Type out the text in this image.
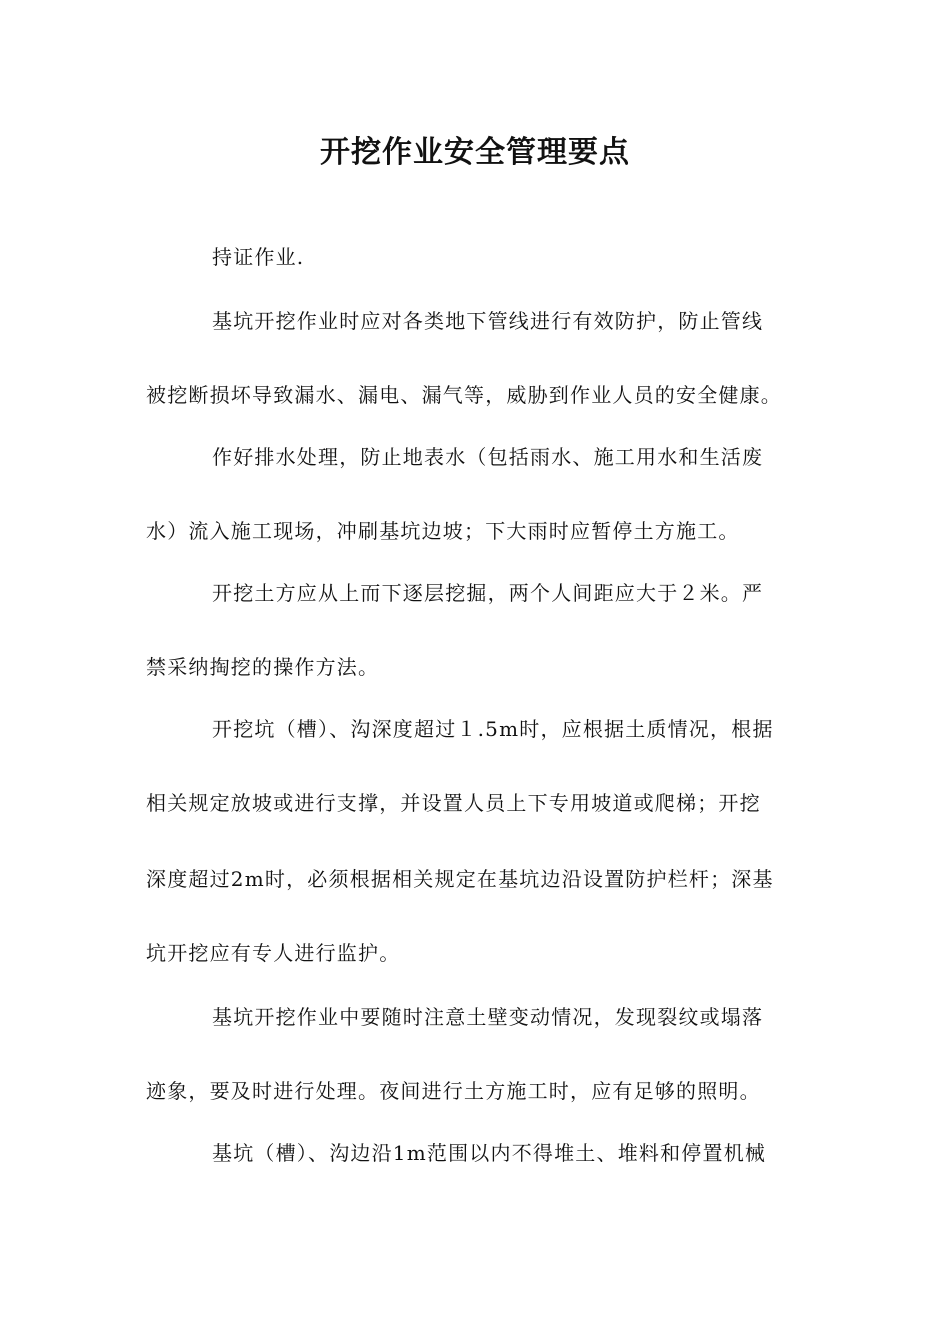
开挖作业安全管理要点
持证作业.
基坑开挖作业时应对各类地下管线进行有效防护，防止管线
被挖断损坏导致漏水、漏电、漏气等，威胁到作业人员的安全健康。
作好排水处理，防止地表水（包括雨水、施工用水和生活废
水）流入施工现场，冲刷基坑边坡；下大雨时应暂停土方施工。
开挖土方应从上而下逐层挖掘，两个人间距应大于２米。严
禁采纳掏挖的操作方法。
开挖坑（槽）、沟深度超过１.5m时，应根据土质情况，根据
相关规定放坡或进行支撑，并设置人员上下专用坡道或爬梯；开挖
深度超过2m时，必须根据相关规定在基坑边沿设置防护栏杆；深基
坑开挖应有专人进行监护。
基坑开挖作业中要随时注意土壁变动情况，发现裂纹或塌落
迹象，要及时进行处理。夜间进行土方施工时，应有足够的照明。
基坑（槽）、沟边沿1m范围以内不得堆土、堆料和停置机械
